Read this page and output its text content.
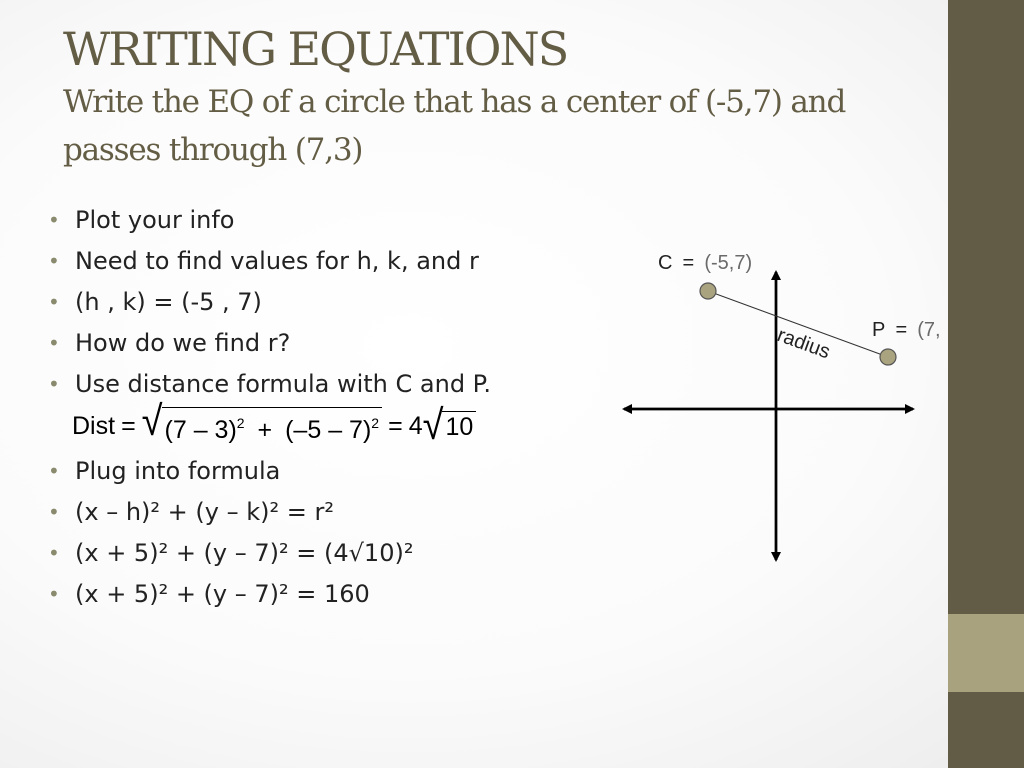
WRITING EQUATIONS
Write the EQ of a circle that has a center of (-5,7) and passes through (7,3)
• Plot your info
• Need to find values for h, k, and r
• (h , k) = (-5 , 7)
• How do we find r?
• Use distance formula with C and P.
Dist = √ (7 – 3)$^2$ + (–5 – 7)$^2$ = 4 √ 10
• Plug into formula
• (x – h)² + (y – k)² = r²
• (x + 5)² + (y – 7)² = (4√10)²
• (x + 5)² + (y – 7)² = 160
C = (-5,7)
P = (7,
radius
